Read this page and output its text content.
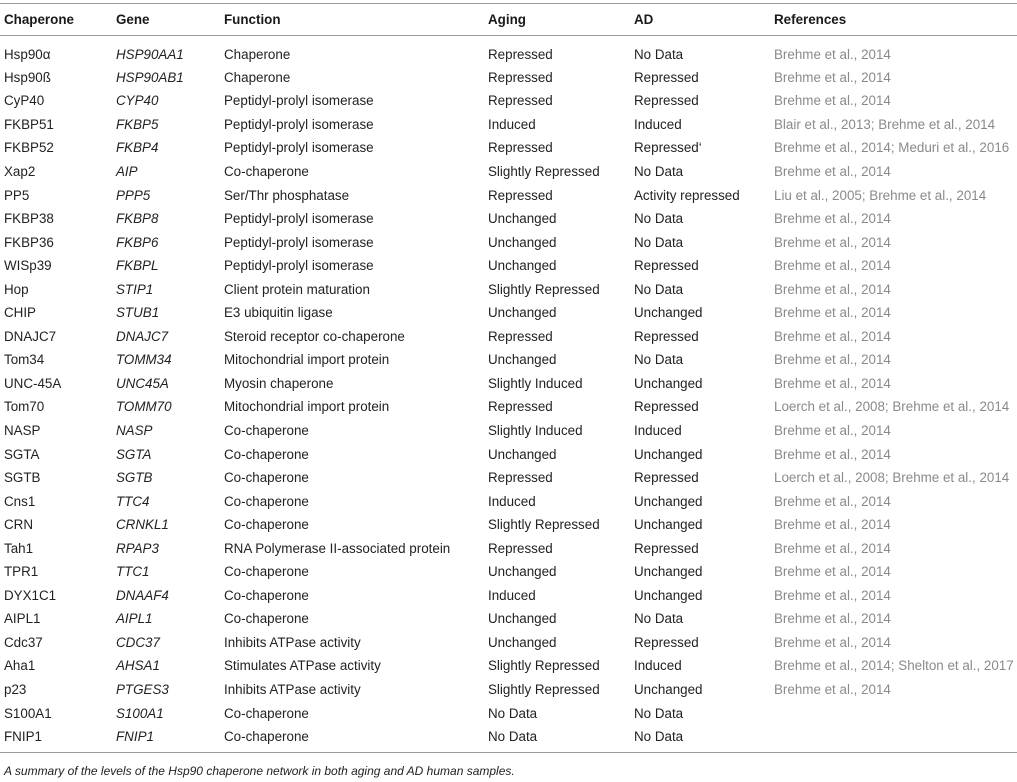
Chaperone	Gene	Function	Aging	AD	References
Hsp90α	HSP90AA1	Chaperone	Repressed	No Data	Brehme et al., 2014
Hsp90ß	HSP90AB1	Chaperone	Repressed	Repressed	Brehme et al., 2014
CyP40	CYP40	Peptidyl-prolyl isomerase	Repressed	Repressed	Brehme et al., 2014
FKBP51	FKBP5	Peptidyl-prolyl isomerase	Induced	Induced	Blair et al., 2013; Brehme et al., 2014
FKBP52	FKBP4	Peptidyl-prolyl isomerase	Repressed	Repressed‘	Brehme et al., 2014; Meduri et al., 2016
Xap2	AIP	Co-chaperone	Slightly Repressed	No Data	Brehme et al., 2014
PP5	PPP5	Ser/Thr phosphatase	Repressed	Activity repressed	Liu et al., 2005; Brehme et al., 2014
FKBP38	FKBP8	Peptidyl-prolyl isomerase	Unchanged	No Data	Brehme et al., 2014
FKBP36	FKBP6	Peptidyl-prolyl isomerase	Unchanged	No Data	Brehme et al., 2014
WISp39	FKBPL	Peptidyl-prolyl isomerase	Unchanged	Repressed	Brehme et al., 2014
Hop	STIP1	Client protein maturation	Slightly Repressed	No Data	Brehme et al., 2014
CHIP	STUB1	E3 ubiquitin ligase	Unchanged	Unchanged	Brehme et al., 2014
DNAJC7	DNAJC7	Steroid receptor co-chaperone	Repressed	Repressed	Brehme et al., 2014
Tom34	TOMM34	Mitochondrial import protein	Unchanged	No Data	Brehme et al., 2014
UNC-45A	UNC45A	Myosin chaperone	Slightly Induced	Unchanged	Brehme et al., 2014
Tom70	TOMM70	Mitochondrial import protein	Repressed	Repressed	Loerch et al., 2008; Brehme et al., 2014
NASP	NASP	Co-chaperone	Slightly Induced	Induced	Brehme et al., 2014
SGTA	SGTA	Co-chaperone	Unchanged	Unchanged	Brehme et al., 2014
SGTB	SGTB	Co-chaperone	Repressed	Repressed	Loerch et al., 2008; Brehme et al., 2014
Cns1	TTC4	Co-chaperone	Induced	Unchanged	Brehme et al., 2014
CRN	CRNKL1	Co-chaperone	Slightly Repressed	Unchanged	Brehme et al., 2014
Tah1	RPAP3	RNA Polymerase II-associated protein	Repressed	Repressed	Brehme et al., 2014
TPR1	TTC1	Co-chaperone	Unchanged	Unchanged	Brehme et al., 2014
DYX1C1	DNAAF4	Co-chaperone	Induced	Unchanged	Brehme et al., 2014
AIPL1	AIPL1	Co-chaperone	Unchanged	No Data	Brehme et al., 2014
Cdc37	CDC37	Inhibits ATPase activity	Unchanged	Repressed	Brehme et al., 2014
Aha1	AHSA1	Stimulates ATPase activity	Slightly Repressed	Induced	Brehme et al., 2014; Shelton et al., 2017
p23	PTGES3	Inhibits ATPase activity	Slightly Repressed	Unchanged	Brehme et al., 2014
S100A1	S100A1	Co-chaperone	No Data	No Data	
FNIP1	FNIP1	Co-chaperone	No Data	No Data	
A summary of the levels of the Hsp90 chaperone network in both aging and AD human samples.
